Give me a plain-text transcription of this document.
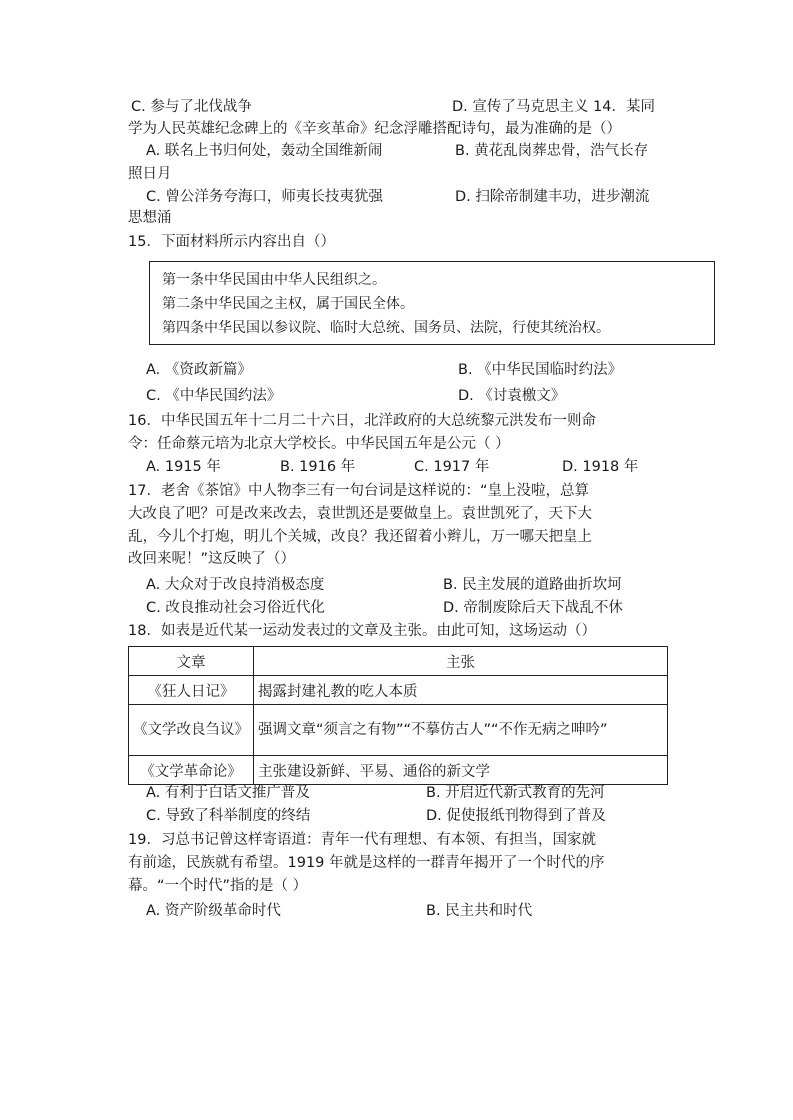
C. 参与了北伐战争	D. 宣传了马克思主义 14．某同
学为人民英雄纪念碑上的《辛亥革命》纪念浮雕搭配诗句，最为准确的是（）
A. 联名上书归何处，轰动全国维新闹	B. 黄花乱岗葬忠骨，浩气长存
照日月
C. 曾公洋务夸海口，师夷长技夷犹强	D. 扫除帝制建丰功，进步潮流
思想涌
15．下面材料所示内容出自（）
第一条中华民国由中华人民组织之。
第二条中华民国之主权，属于国民全体。
第四条中华民国以参议院、临时大总统、国务员、法院，行使其统治权。
A. 《资政新篇》	B. 《中华民国临时约法》
C. 《中华民国约法》	D. 《讨袁檄文》
16．中华民国五年十二月二十六日，北洋政府的大总统黎元洪发布一则命
令：任命蔡元培为北京大学校长。中华民国五年是公元（ ）
A. 1915 年	B. 1916 年	C. 1917 年	D. 1918 年
17．老舍《茶馆》中人物李三有一句台词是这样说的：“皇上没啦，总算
大改良了吧？可是改来改去，袁世凯还是要做皇上。袁世凯死了，天下大
乱，今儿个打炮，明儿个关城，改良？我还留着小辫儿，万一哪天把皇上
改回来呢！”这反映了（）
A. 大众对于改良持消极态度	B. 民主发展的道路曲折坎坷
C. 改良推动社会习俗近代化	D. 帝制废除后天下战乱不休
18．如表是近代某一运动发表过的文章及主张。由此可知，这场运动（）
文章	主张
《狂人日记》	揭露封建礼教的吃人本质
《文学改良刍议》	强调文章“须言之有物”“不摹仿古人”“不作无病之呻吟”
《文学革命论》	主张建设新鲜、平易、通俗的新文学
A. 有利于白话文推广普及	B. 开启近代新式教育的先河
C. 导致了科举制度的终结	D. 促使报纸刊物得到了普及
19．习总书记曾这样寄语道：青年一代有理想、有本领、有担当，国家就
有前途，民族就有希望。1919 年就是这样的一群青年揭开了一个时代的序
幕。“一个时代”指的是（ ）
A. 资产阶级革命时代	B. 民主共和时代
